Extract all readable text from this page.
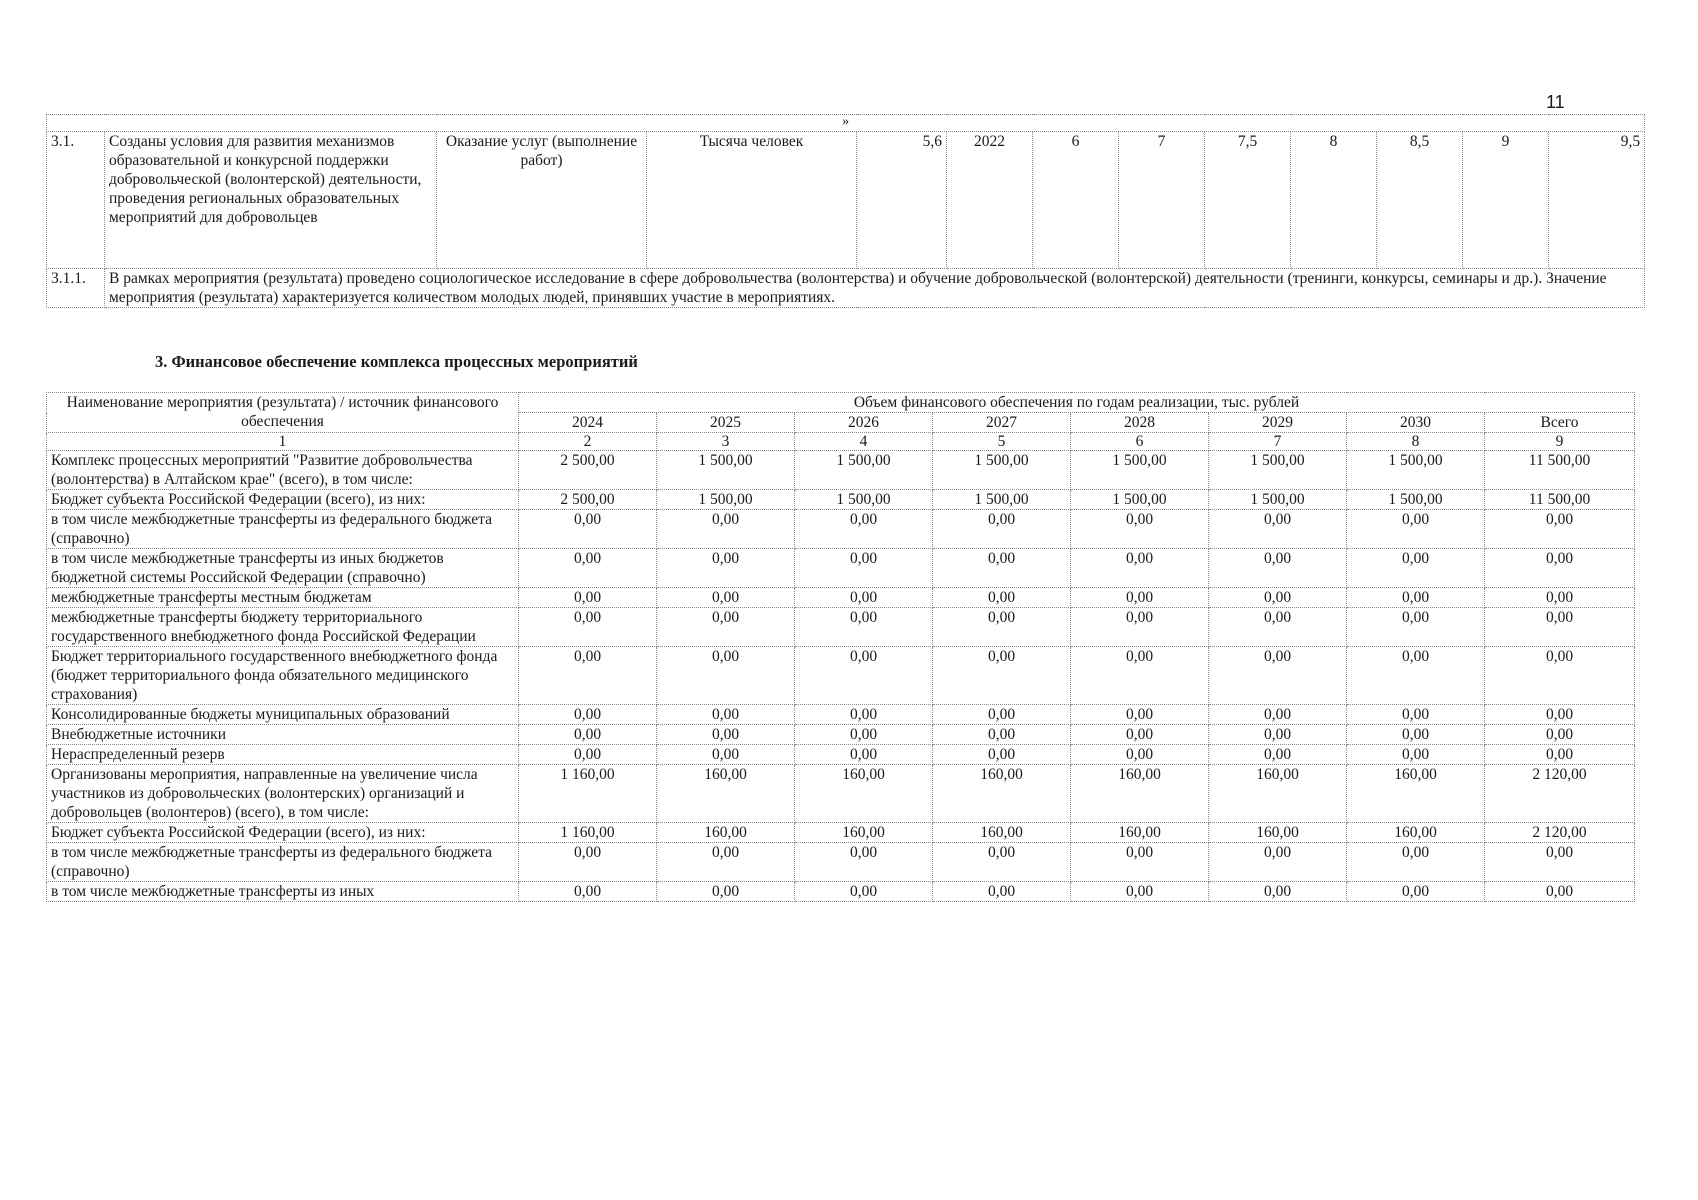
11
»												
3.1.	Созданы условия для развития механизмов образовательной и конкурсной поддержки добровольческой (волонтерской) деятельности, проведения региональных образовательных мероприятий для добровольцев	Оказание услуг (выполнение работ)	Тысяча человек	5,6	2022	6	7	7,5	8	8,5	9	9,5
3.1.1.	В рамках мероприятия (результата) проведено социологическое исследование в сфере добровольчества (волонтерства) и обучение добровольческой (волонтерской) деятельности (тренинги, конкурсы, семинары и др.). Значение мероприятия (результата) характеризуется количеством молодых людей, принявших участие в мероприятиях.											
3. Финансовое обеспечение комплекса процессных мероприятий
Наименование мероприятия (результата) / источник финансового обеспечения	Объем финансового обеспечения по годам реализации, тыс. рублей							
	2024	2025	2026	2027	2028	2029	2030	Всего
1	2	3	4	5	6	7	8	9
Комплекс процессных мероприятий "Развитие добровольчества (волонтерства) в Алтайском крае" (всего), в том числе:	2 500,00	1 500,00	1 500,00	1 500,00	1 500,00	1 500,00	1 500,00	11 500,00
Бюджет субъекта Российской Федерации (всего), из них:	2 500,00	1 500,00	1 500,00	1 500,00	1 500,00	1 500,00	1 500,00	11 500,00
в том числе межбюджетные трансферты из федерального бюджета (справочно)	0,00	0,00	0,00	0,00	0,00	0,00	0,00	0,00
в том числе межбюджетные трансферты из иных бюджетов бюджетной системы Российской Федерации (справочно)	0,00	0,00	0,00	0,00	0,00	0,00	0,00	0,00
межбюджетные трансферты местным бюджетам	0,00	0,00	0,00	0,00	0,00	0,00	0,00	0,00
межбюджетные трансферты бюджету территориального государственного внебюджетного фонда Российской Федерации	0,00	0,00	0,00	0,00	0,00	0,00	0,00	0,00
Бюджет территориального государственного внебюджетного фонда (бюджет территориального фонда обязательного медицинского страхования)	0,00	0,00	0,00	0,00	0,00	0,00	0,00	0,00
Консолидированные бюджеты муниципальных образований	0,00	0,00	0,00	0,00	0,00	0,00	0,00	0,00
Внебюджетные источники	0,00	0,00	0,00	0,00	0,00	0,00	0,00	0,00
Нераспределенный резерв	0,00	0,00	0,00	0,00	0,00	0,00	0,00	0,00
Организованы мероприятия, направленные на увеличение числа участников из добровольческих (волонтерских) организаций и добровольцев (волонтеров) (всего), в том числе:	1 160,00	160,00	160,00	160,00	160,00	160,00	160,00	2 120,00
Бюджет субъекта Российской Федерации (всего), из них:	1 160,00	160,00	160,00	160,00	160,00	160,00	160,00	2 120,00
в том числе межбюджетные трансферты из федерального бюджета (справочно)	0,00	0,00	0,00	0,00	0,00	0,00	0,00	0,00
в том числе межбюджетные трансферты из иных	0,00	0,00	0,00	0,00	0,00	0,00	0,00	0,00
